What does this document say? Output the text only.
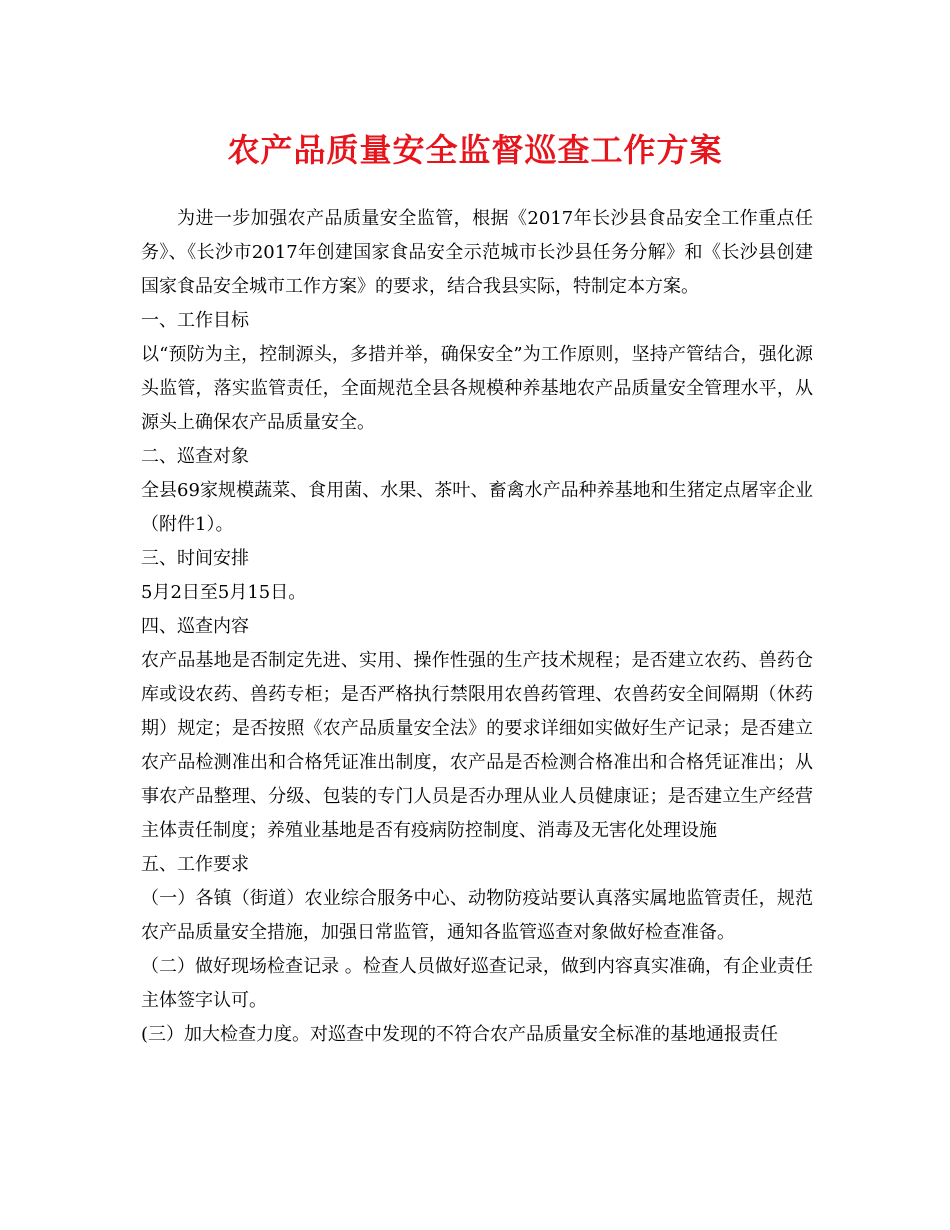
农产品质量安全监督巡查工作方案

为进一步加强农产品质量安全监管，根据《2017年长沙县食品安全工作重点任务》、《长沙市2017年创建国家食品安全示范城市长沙县任务分解》和《长沙县创建国家食品安全城市工作方案》的要求，结合我县实际，特制定本方案。

一、工作目标

以“预防为主，控制源头，多措并举，确保安全”为工作原则，坚持产管结合，强化源头监管，落实监管责任，全面规范全县各规模种养基地农产品质量安全管理水平，从源头上确保农产品质量安全。

二、巡查对象

全县69家规模蔬菜、食用菌、水果、茶叶、畜禽水产品种养基地和生猪定点屠宰企业（附件1）。

三、时间安排

5月2日至5月15日。

四、巡查内容

农产品基地是否制定先进、实用、操作性强的生产技术规程；是否建立农药、兽药仓库或设农药、兽药专柜；是否严格执行禁限用农兽药管理、农兽药安全间隔期（休药期）规定；是否按照《农产品质量安全法》的要求详细如实做好生产记录；是否建立农产品检测准出和合格凭证准出制度，农产品是否检测合格准出和合格凭证准出；从事农产品整理、分级、包装的专门人员是否办理从业人员健康证；是否建立生产经营主体责任制度；养殖业基地是否有疫病防控制度、消毒及无害化处理设施

五、工作要求

（一）各镇（街道）农业综合服务中心、动物防疫站要认真落实属地监管责任，规范农产品质量安全措施，加强日常监管，通知各监管巡查对象做好检查准备。

（二）做好现场检查记录 。检查人员做好巡查记录，做到内容真实准确，有企业责任主体签字认可。

(三）加大检查力度。对巡查中发现的不符合农产品质量安全标准的基地通报责任
